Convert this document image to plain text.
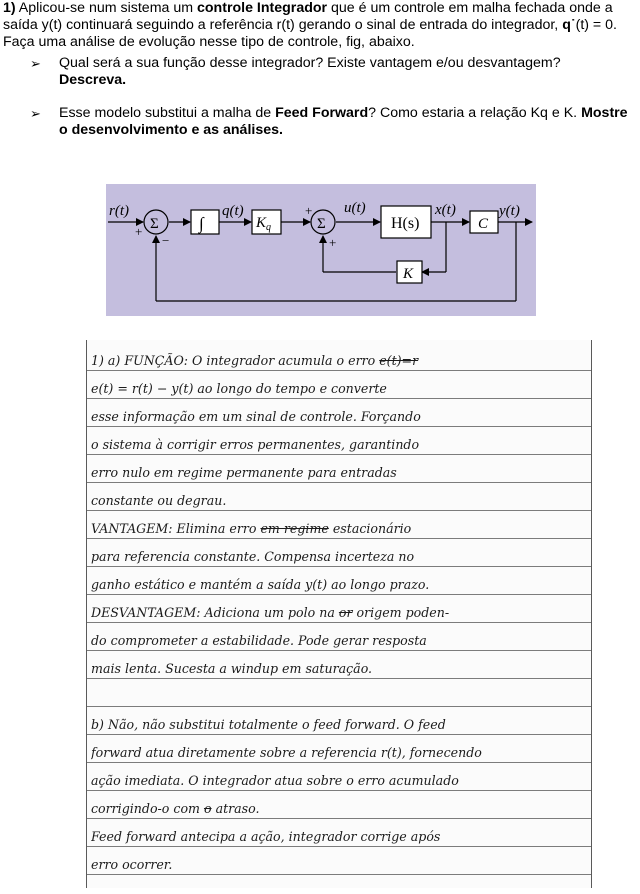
1) Aplicou-se num sistema um controle Integrador que é um controle em malha fechada onde a saída y(t) continuará seguindo a referência r(t) gerando o sinal de entrada do integrador, q˙(t) = 0. Faça uma análise de evolução nesse tipo de controle, fig, abaixo.

➢ Qual será a sua função desse integrador? Existe vantagem e/ou desvantagem? Descreva.
➢ Esse modelo substitui a malha de Feed Forward? Como estaria a relação Kq e K. Mostre o desenvolvimento e as análises.
r(t)
Σ	Σ
∫
q(t)
$K_q$
u(t)
H(s)
x(t)
C
y(t)
K
+
−
+
+
1) a) FUNÇÃO: O integrador acumula o erro e(t)=r
e(t) = r(t) − y(t) ao longo do tempo e converte
esse informação em um sinal de controle. Forçando
o sistema à corrigir erros permanentes, garantindo
erro nulo em regime permanente para entradas
constante ou degrau.
VANTAGEM: Elimina erro em regime estacionário
para referencia constante. Compensa incerteza no
ganho estático e mantém a saída y(t) ao longo prazo.
DESVANTAGEM: Adiciona um polo na or origem poden-
do comprometer a estabilidade. Pode gerar resposta
mais lenta. Sucesta a windup em saturação.
b) Não, não substitui totalmente o feed forward. O feed
forward atua diretamente sobre a referencia r(t), fornecendo
ação imediata. O integrador atua sobre o erro acumulado
corrigindo-o com o atraso.
Feed forward antecipa a ação, integrador corrige após
erro ocorrer.
